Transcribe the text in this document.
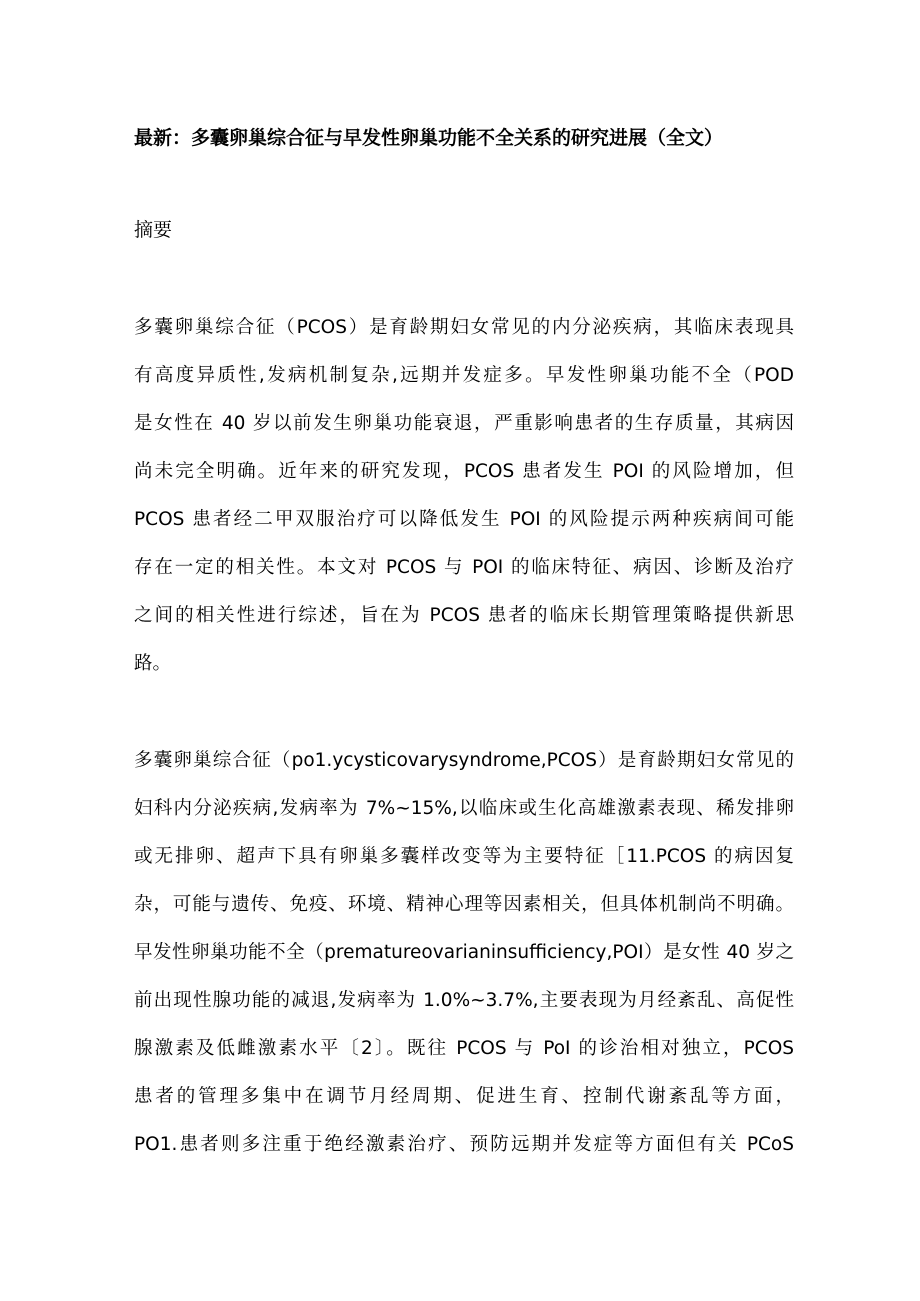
最新：多囊卵巢综合征与早发性卵巢功能不全关系的研究进展（全文）
摘要

多囊卵巢综合征（PCOS）是育龄期妇女常见的内分泌疾病，其临床表现具
有高度异质性,发病机制复杂,远期并发症多。早发性卵巢功能不全（POD
是女性在 40 岁以前发生卵巢功能衰退，严重影响患者的生存质量，其病因
尚未完全明确。近年来的研究发现，PCOS 患者发生 POI 的风险增加，但
PCOS 患者经二甲双服治疗可以降低发生 POI 的风险提示两种疾病间可能
存在一定的相关性。本文对 PCOS 与 POI 的临床特征、病因、诊断及治疗
之间的相关性进行综述，旨在为 PCOS 患者的临床长期管理策略提供新思
路。

多囊卵巢综合征（po1.ycysticovarysyndrome,PCOS）是育龄期妇女常见的
妇科内分泌疾病,发病率为 7%~15%,以临床或生化高雄激素表现、稀发排卵
或无排卵、超声下具有卵巢多囊样改变等为主要特征［11.PCOS 的病因复
杂，可能与遗传、免疫、环境、精神心理等因素相关，但具体机制尚不明确。
早发性卵巢功能不全（prematureovarianinsufficiency,POI）是女性 40 岁之
前出现性腺功能的减退,发病率为 1.0%~3.7%,主要表现为月经紊乱、高促性
腺激素及低雌激素水平〔2〕。既往 PCOS 与 PoI 的诊治相对独立，PCOS
患者的管理多集中在调节月经周期、促进生育、控制代谢紊乱等方面，
PO1.患者则多注重于绝经激素治疗、预防远期并发症等方面但有关 PCoS
